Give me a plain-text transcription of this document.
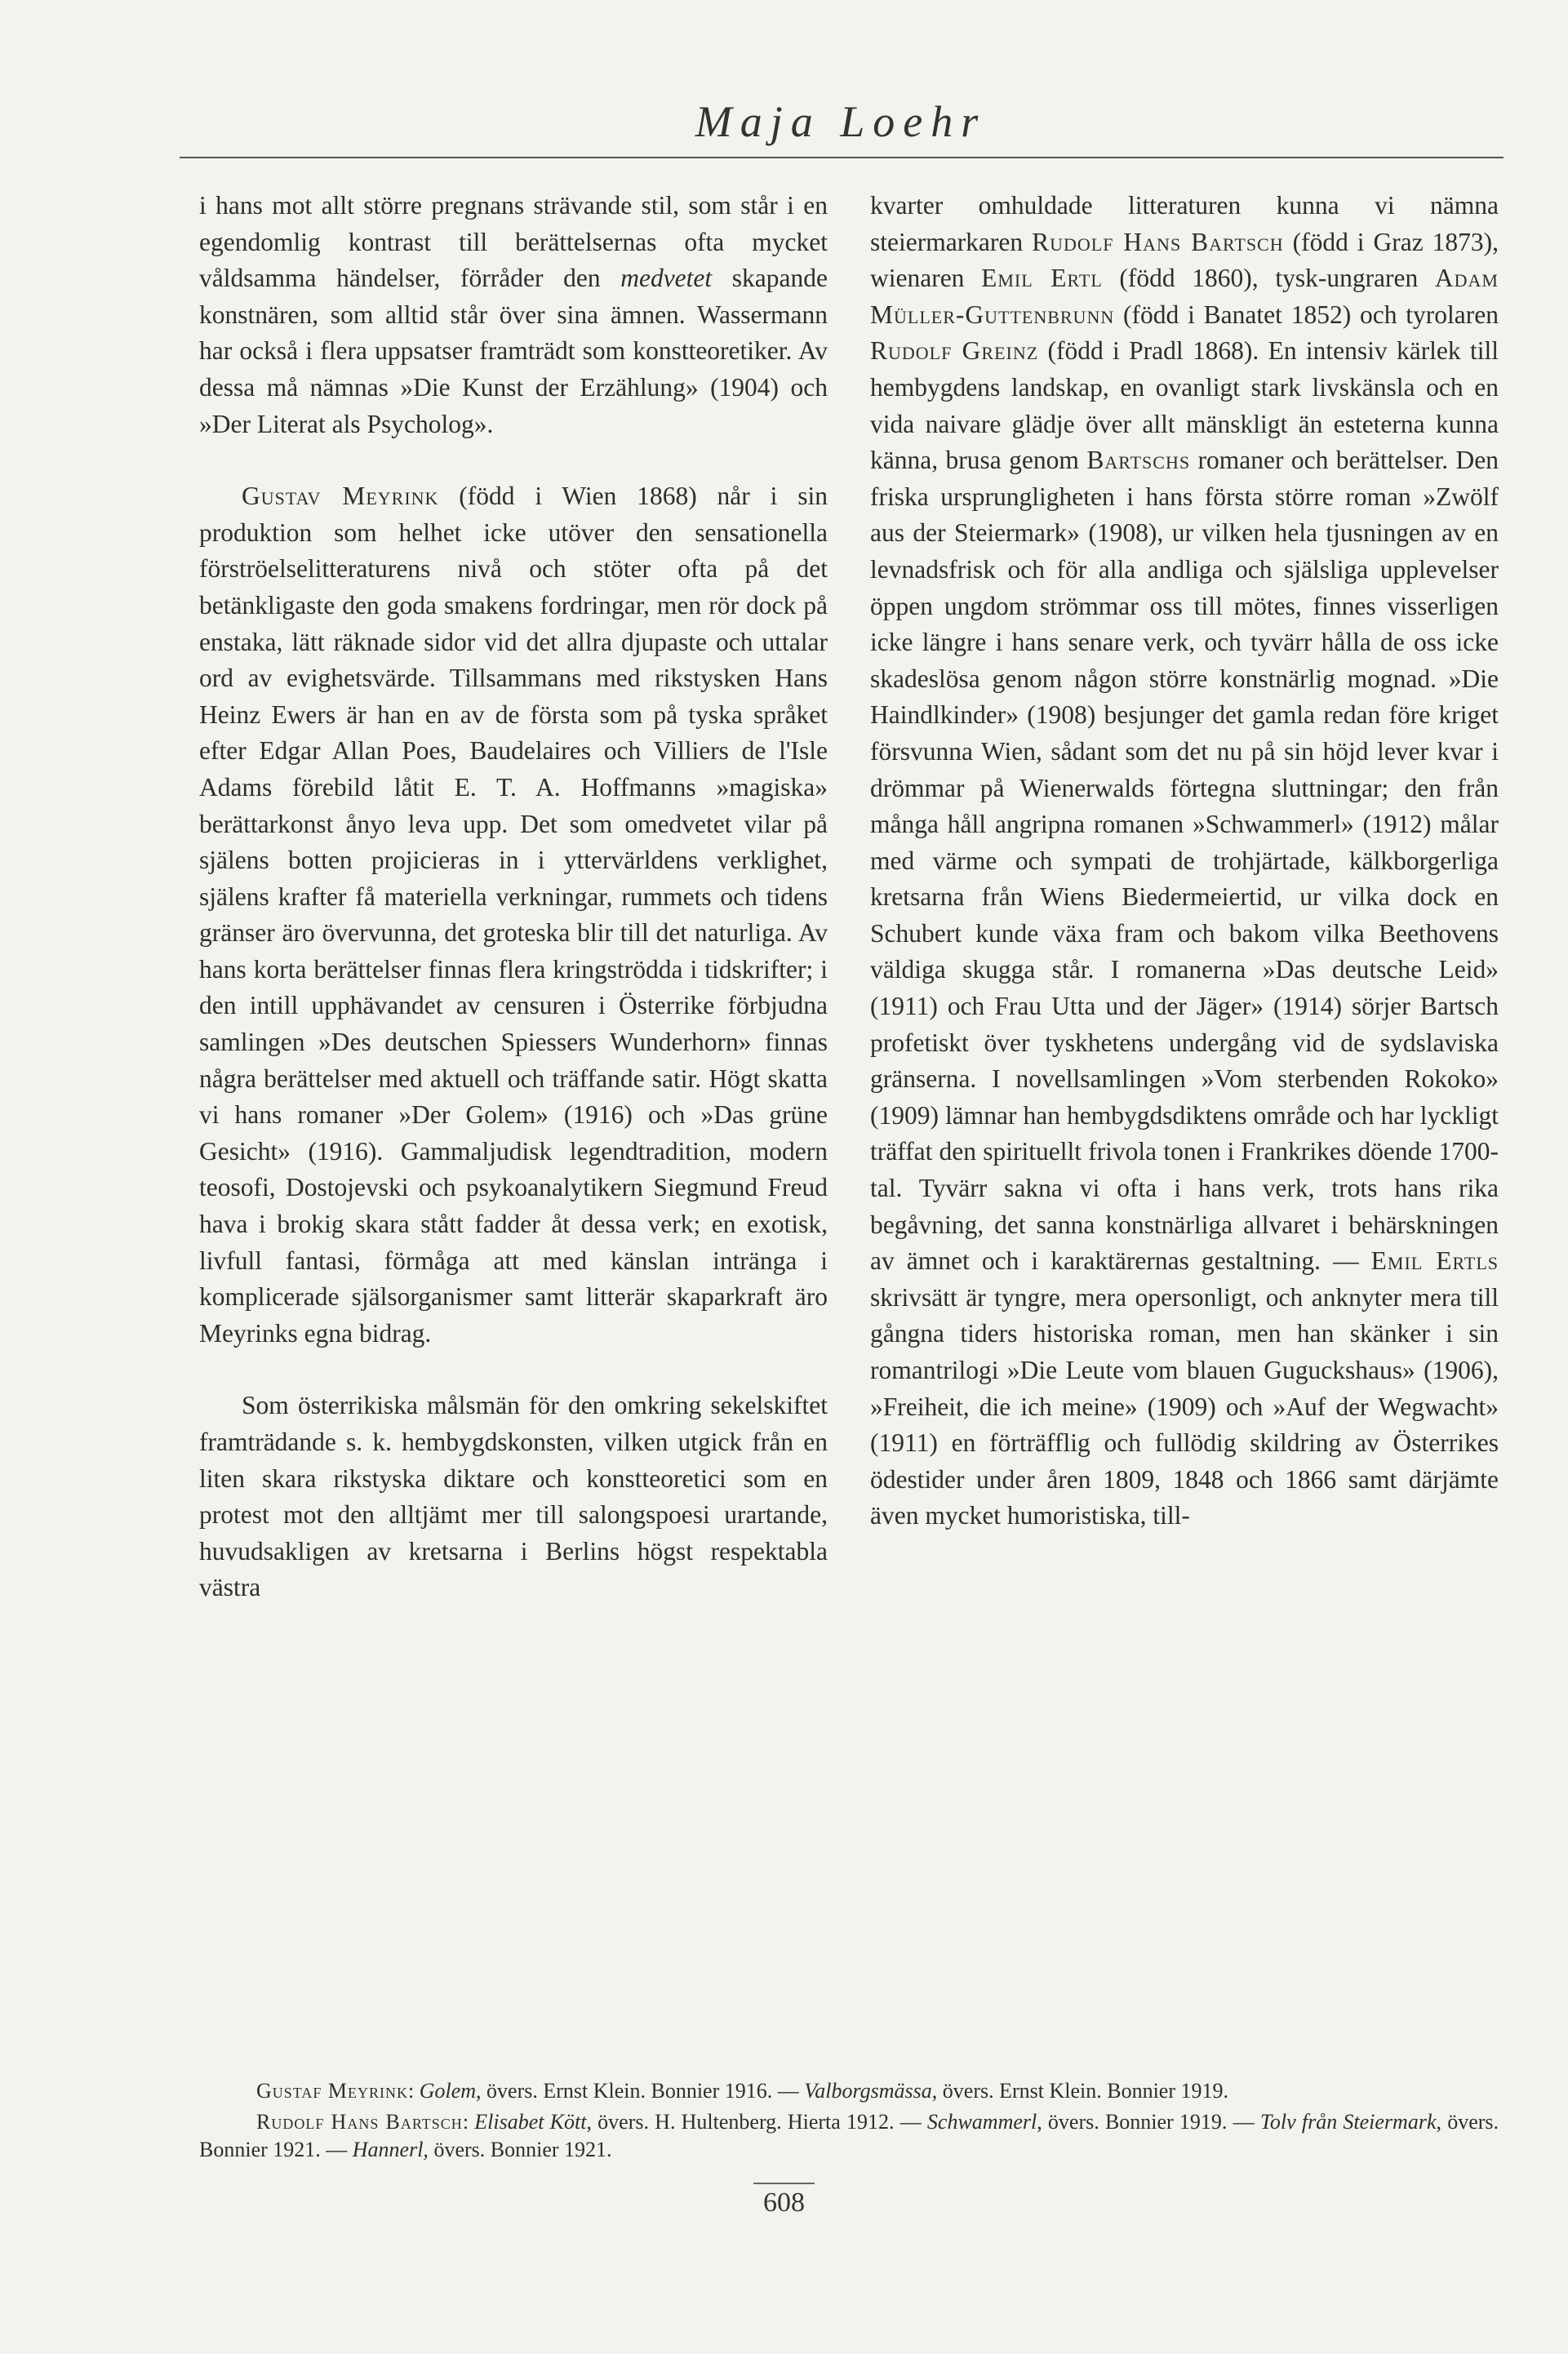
Maja Loehr

i hans mot allt större pregnans strävande stil, som står i en egendomlig kontrast till berättelsernas ofta mycket våldsamma händelser, förråder den medvetet skapande konstnären, som alltid står över sina ämnen. Wassermann har också i flera uppsatser framträdt som konstteoretiker. Av dessa må nämnas »Die Kunst der Erzählung» (1904) och »Der Literat als Psycholog».

Gustav Meyrink (född i Wien 1868) når i sin produktion som helhet icke utöver den sensationella förströelselitteraturens nivå och stöter ofta på det betänkligaste den goda smakens fordringar, men rör dock på enstaka, lätt räknade sidor vid det allra djupaste och uttalar ord av evighetsvärde. Tillsammans med rikstysken Hans Heinz Ewers är han en av de första som på tyska språket efter Edgar Allan Poes, Baudelaires och Villiers de l'Isle Adams förebild låtit E. T. A. Hoffmanns »magiska» berättarkonst ånyo leva upp. Det som omedvetet vilar på själens botten projicieras in i yttervärldens verklighet, själens krafter få materiella verkningar, rummets och tidens gränser äro övervunna, det groteska blir till det naturliga. Av hans korta berättelser finnas flera kringströdda i tidskrifter; i den intill upphävandet av censuren i Österrike förbjudna samlingen »Des deutschen Spiessers Wunderhorn» finnas några berättelser med aktuell och träffande satir. Högt skatta vi hans romaner »Der Golem» (1916) och »Das grüne Gesicht» (1916). Gammaljudisk legendtradition, modern teosofi, Dostojevski och psykoanalytikern Siegmund Freud hava i brokig skara stått fadder åt dessa verk; en exotisk, livfull fantasi, förmåga att med känslan intränga i komplicerade själsorganismer samt litterär skaparkraft äro Meyrinks egna bidrag.

Som österrikiska målsmän för den omkring sekelskiftet framträdande s. k. hembygdskonsten, vilken utgick från en liten skara rikstyska diktare och konstteoretici som en protest mot den alltjämt mer till salongspoesi urartande, huvudsakligen av kretsarna i Berlins högst respektabla västra

kvarter omhuldade litteraturen kunna vi nämna steiermarkaren Rudolf Hans Bartsch (född i Graz 1873), wienaren Emil Ertl (född 1860), tysk-ungraren Adam Müller-Guttenbrunn (född i Banatet 1852) och tyrolaren Rudolf Greinz (född i Pradl 1868). En intensiv kärlek till hembygdens landskap, en ovanligt stark livskänsla och en vida naivare glädje över allt mänskligt än esteterna kunna känna, brusa genom Bartschs romaner och berättelser. Den friska ursprungligheten i hans första större roman »Zwölf aus der Steiermark» (1908), ur vilken hela tjusningen av en levnadsfrisk och för alla andliga och själsliga upplevelser öppen ungdom strömmar oss till mötes, finnes visserligen icke längre i hans senare verk, och tyvärr hålla de oss icke skadeslösa genom någon större konstnärlig mognad. »Die Haindlkinder» (1908) besjunger det gamla redan före kriget försvunna Wien, sådant som det nu på sin höjd lever kvar i drömmar på Wienerwalds förtegna sluttningar; den från många håll angripna romanen »Schwammerl» (1912) målar med värme och sympati de trohjärtade, kälkborgerliga kretsarna från Wiens Biedermeiertid, ur vilka dock en Schubert kunde växa fram och bakom vilka Beethovens väldiga skugga står. I romanerna »Das deutsche Leid» (1911) och Frau Utta und der Jäger» (1914) sörjer Bartsch profetiskt över tyskhetens undergång vid de sydslaviska gränserna. I novellsamlingen »Vom sterbenden Rokoko» (1909) lämnar han hembygdsdiktens område och har lyckligt träffat den spirituellt frivola tonen i Frankrikes döende 1700-tal. Tyvärr sakna vi ofta i hans verk, trots hans rika begåvning, det sanna konstnärliga allvaret i behärskningen av ämnet och i karaktärernas gestaltning. — Emil Ertls skrivsätt är tyngre, mera opersonligt, och anknyter mera till gångna tiders historiska roman, men han skänker i sin romantrilogi »Die Leute vom blauen Guguckshaus» (1906), »Freiheit, die ich meine» (1909) och »Auf der Wegwacht» (1911) en förträfflig och fullödig skildring av Österrikes ödestider under åren 1809, 1848 och 1866 samt därjämte även mycket humoristiska, till-

Gustaf Meyrink: Golem, övers. Ernst Klein. Bonnier 1916. — Valborgsmässa, övers. Ernst Klein. Bonnier 1919.

Rudolf Hans Bartsch: Elisabet Kött, övers. H. Hultenberg. Hierta 1912. — Schwammerl, övers. Bonnier 1919. — Tolv från Steiermark, övers. Bonnier 1921. — Hannerl, övers. Bonnier 1921.

608
